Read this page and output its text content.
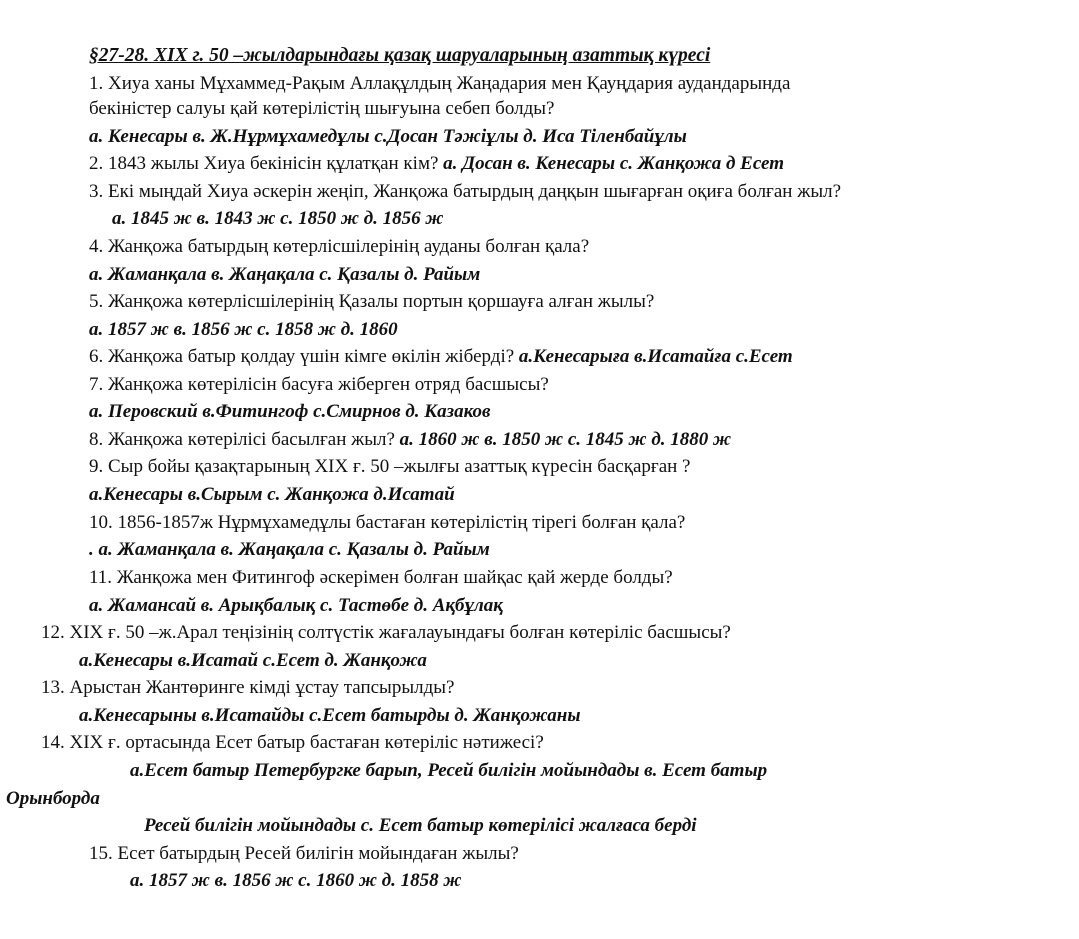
§27-28. XIX г. 50 –жылдарындағы қазақ шаруаларының азаттық күресі
1. Хиуа ханы Мұхаммед-Рақым Аллақұлдың Жаңадария мен Қауңдария аудандарында
бекіністер салуы қай көтерілістің шығуына себеп болды?
а. Кенесары в. Ж.Нұрмұхамедұлы с.Досан Тәжіұлы д. Иса Тіленбайұлы
2. 1843 жылы Хиуа бекінісін құлатқан кім? а. Досан в. Кенесары с. Жанқожа д Есет
3. Екі мыңдай Хиуа әскерін жеңіп, Жанқожа батырдың даңқын шығарған оқиға болған жыл?
а. 1845 ж в. 1843 ж с. 1850 ж д. 1856 ж
4. Жанқожа батырдың көтерлісшілерінің ауданы болған қала?
а. Жаманқала в. Жаңақала с. Қазалы д. Райым
5. Жанқожа көтерлісшілерінің Қазалы портын қоршауға алған жылы?
а. 1857 ж в. 1856 ж с. 1858 ж д. 1860
6. Жанқожа батыр қолдау үшін кімге өкілін жіберді? а.Кенесарыға в.Исатайға с.Есет
7. Жанқожа көтерілісін басуға жіберген отряд басшысы?
а. Перовский в.Фитингоф с.Смирнов д. Казаков
8. Жанқожа көтерілісі басылған жыл? а. 1860 ж в. 1850 ж с. 1845 ж д. 1880 ж
9. Сыр бойы қазақтарының XIX ғ. 50 –жылғы азаттық күресін басқарған ?
а.Кенесары в.Сырым с. Жанқожа д.Исатай
10. 1856-1857ж Нұрмұхамедұлы бастаған көтерілістің тірегі болған қала?
. а. Жаманқала в. Жаңақала с. Қазалы д. Райым
11. Жанқожа мен Фитингоф әскерімен болған шайқас қай жерде болды?
а. Жамансай в. Арықбалық с. Тастөбе д. Ақбұлақ
12. XIX ғ. 50 –ж.Арал теңізінің солтүстік жағалауындағы болған көтеріліс басшысы?
а.Кенесары в.Исатай с.Есет д. Жанқожа
13. Арыстан Жантөринге кімді ұстау тапсырылды?
а.Кенесарыны в.Исатайды с.Есет батырды д. Жанқожаны
14. XIX ғ. ортасында Есет батыр бастаған көтеріліс нәтижесі?
а.Есет батыр Петербургке барып, Ресей билігін мойындады в. Есет батыр
Орынборда
Ресей билігін мойындады с. Есет батыр көтерілісі жалғаса берді
15. Есет батырдың Ресей билігін мойындаған жылы?
а. 1857 ж в. 1856 ж с. 1860 ж д. 1858 ж
